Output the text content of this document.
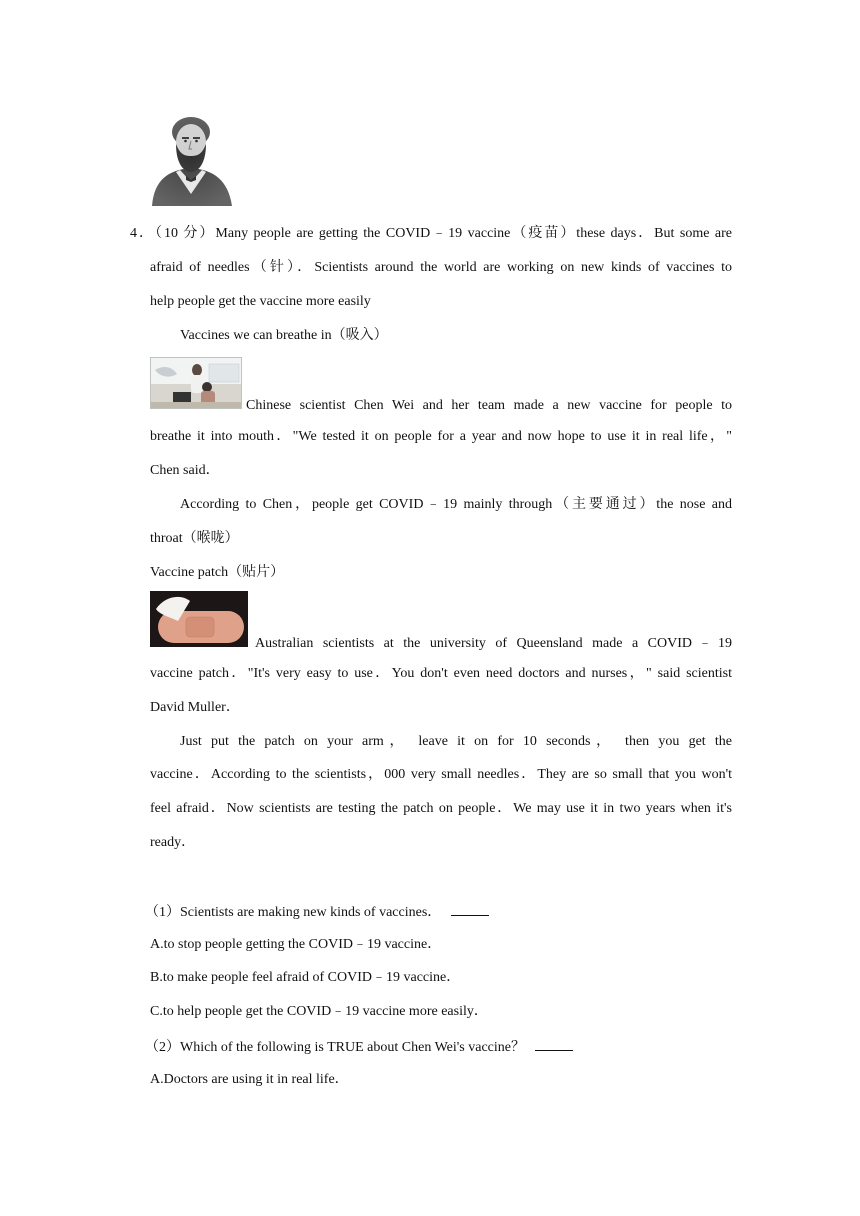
4．（10 分）Many people are getting the COVID﹣19 vaccine（疫苗）these days．But some are
afraid of needles（针）．Scientists around the world are working on new kinds of vaccines to
help people get the vaccine more easily
Vaccines we can breathe in（吸入）
Chinese scientist Chen Wei and her team made a new vaccine for people to
breathe it into mouth．"We tested it on people for a year and now hope to use it in real life，"
Chen said．
According to Chen，people get COVID﹣19 mainly through（主要通过）the nose and
throat（喉咙）
Vaccine patch（贴片）
Australian scientists at the university of Queensland made a COVID﹣19
vaccine patch．"It's very easy to use．You don't even need doctors and nurses，" said scientist
David Muller．
Just put the patch on your arm， leave it on for 10 seconds， then you get the
vaccine．According to the scientists，000 very small needles．They are so small that you won't
feel afraid．Now scientists are testing the patch on people．We may use it in two years when it's
ready．
（1）Scientists are making new kinds of vaccines．
A.to stop people getting the COVID﹣19 vaccine．
B.to make people feel afraid of COVID﹣19 vaccine．
C.to help people get the COVID﹣19 vaccine more easily．
（2）Which of the following is TRUE about Chen Wei's vaccine？
A.Doctors are using it in real life．
